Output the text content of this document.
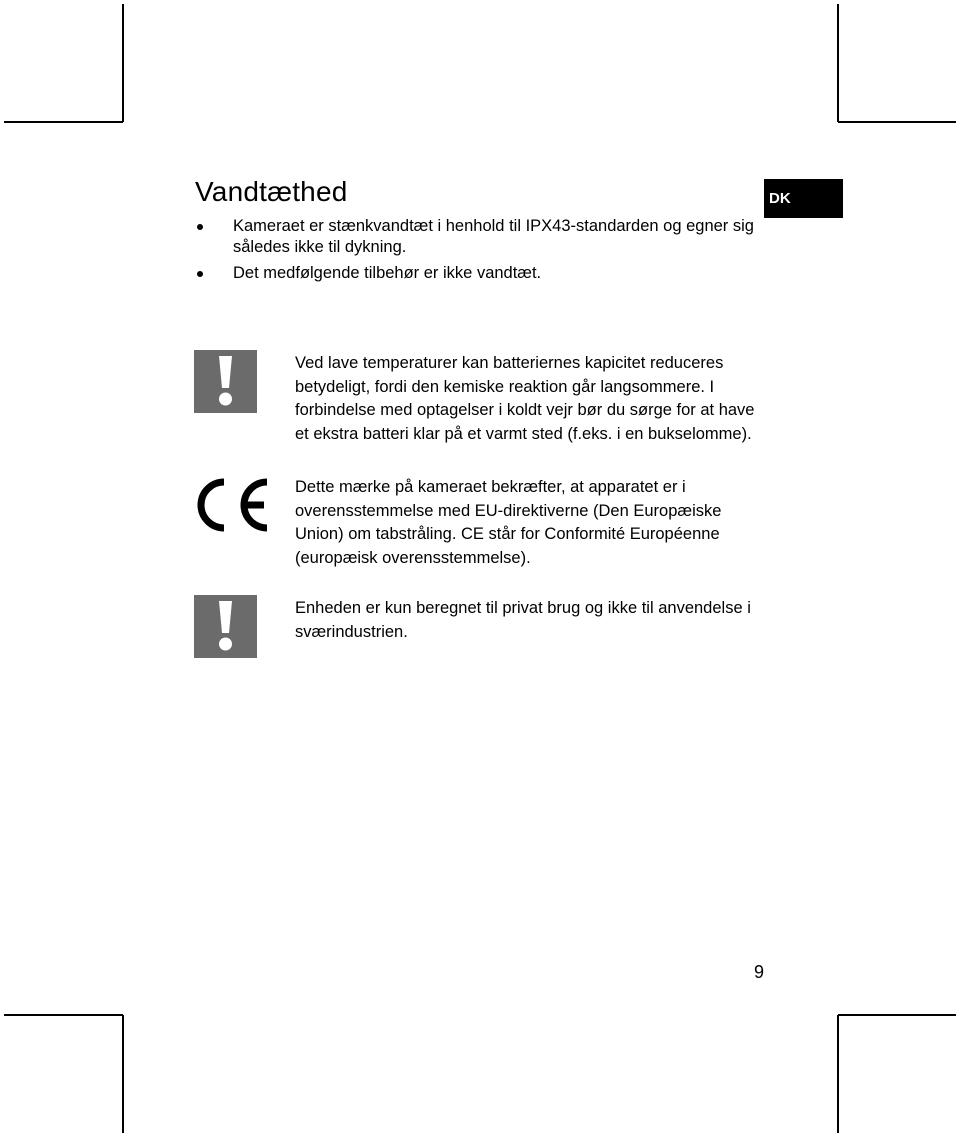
Vandtæthed	DK
Kameraet er stænkvandtæt i henhold til IPX43-standarden og egner sig således ikke til dykning.
Det medfølgende tilbehør er ikke vandtæt.

Ved lave temperaturer kan batteriernes kapicitet reduceres betydeligt, fordi den kemiske reaktion går langsommere. I forbindelse med optagelser i koldt vejr bør du sørge for at have et ekstra batteri klar på et varmt sted (f.eks. i en bukselomme).

Dette mærke på kameraet bekræfter, at apparatet er i overensstemmelse med EU-direktiverne (Den Europæiske Union) om tabstråling. CE står for Conformité Européenne (europæisk overensstemmelse).

Enheden er kun beregnet til privat brug og ikke til anvendelse i sværindustrien.

9
